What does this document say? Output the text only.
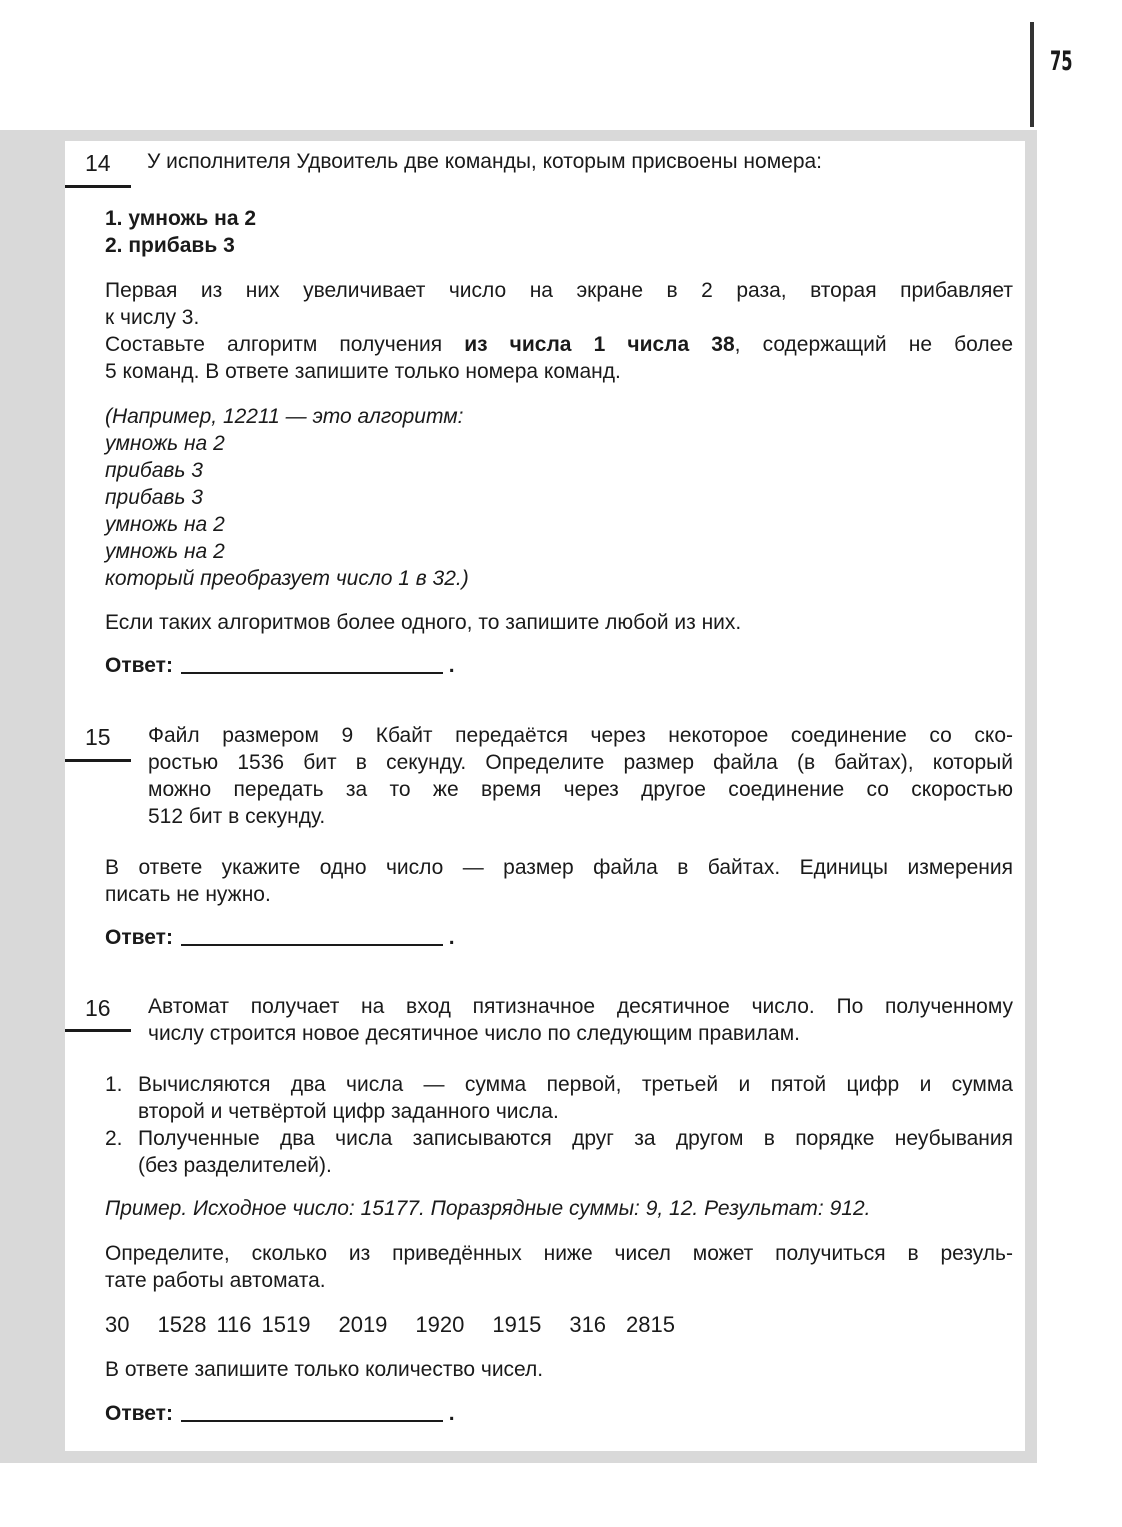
75
14 У исполнителя Удвоитель две команды, которым присвоены номера:
1. умножь на 2
2. прибавь 3
Первая из них увеличивает число на экране в 2 раза, вторая прибавляет
к числу 3.
Составьте алгоритм получения из числа 1 числа 38, содержащий не более
5 команд. В ответе запишите только номера команд.
(Например, 12211 — это алгоритм:
умножь на 2
прибавь 3
прибавь 3
умножь на 2
умножь на 2
который преобразует число 1 в 32.)
Если таких алгоритмов более одного, то запишите любой из них.
Ответ:	.
15 Файл размером 9 Кбайт передаётся через некоторое соединение со ско-
ростью 1536 бит в секунду. Определите размер файла (в байтах), который
можно передать за то же время через другое соединение со скоростью
512 бит в секунду.
В ответе укажите одно число — размер файла в байтах. Единицы измерения
писать не нужно.
Ответ:	.
16 Автомат получает на вход пятизначное десятичное число. По полученному
числу строится новое десятичное число по следующим правилам.
1. Вычисляются два числа — сумма первой, третьей и пятой цифр и сумма
второй и четвёртой цифр заданного числа.
2. Полученные два числа записываются друг за другом в порядке неубывания
(без разделителей).
Пример. Исходное число: 15177. Поразрядные суммы: 9, 12. Результат: 912.
Определите, сколько из приведённых ниже чисел может получиться в резуль-
тате работы автомата.
30 1528 116 1519 2019 1920 1915 316 2815
В ответе запишите только количество чисел.
Ответ:	.
